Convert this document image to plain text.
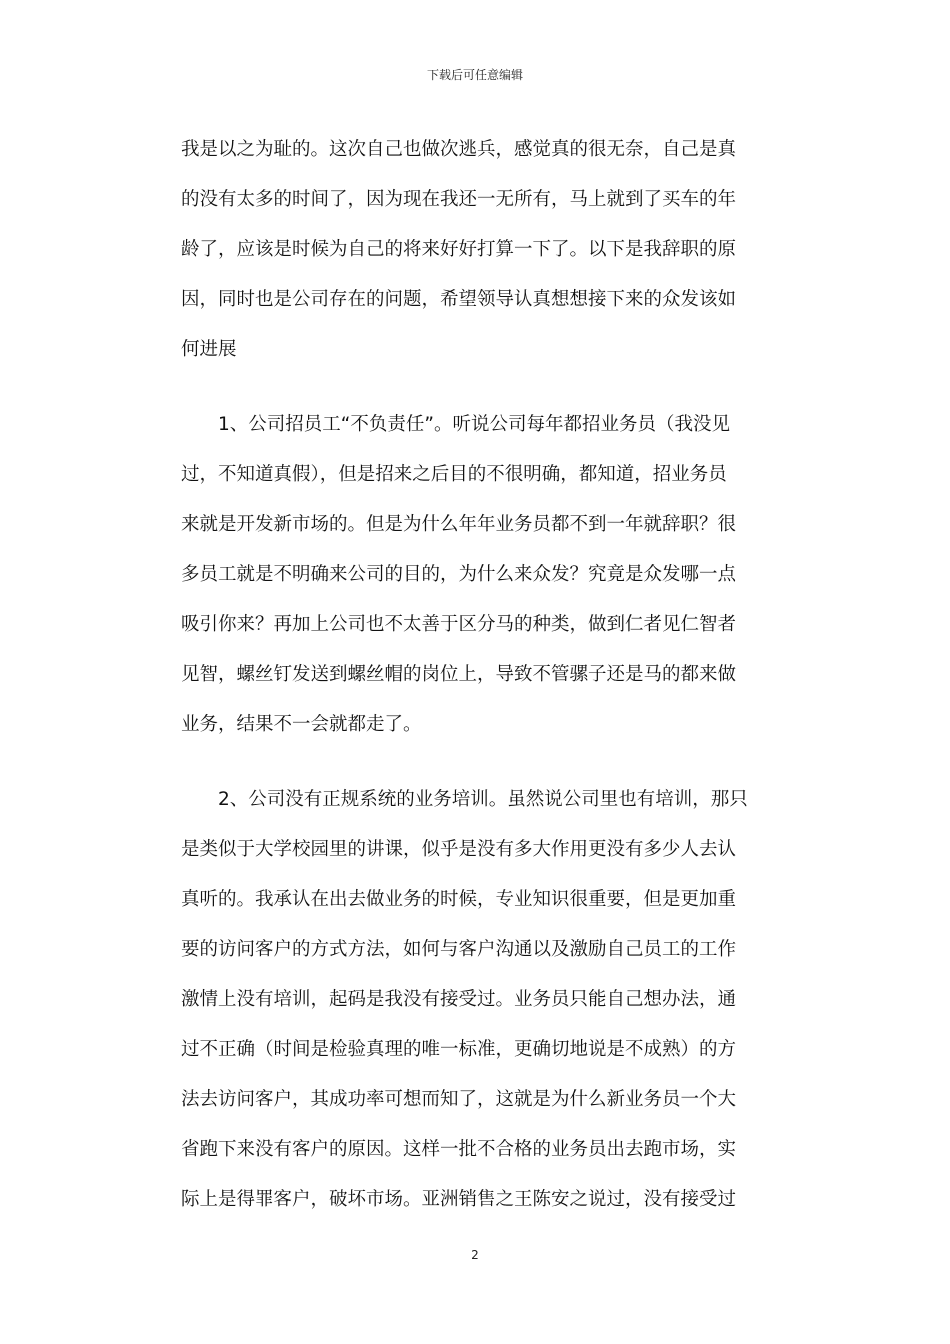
下载后可任意编辑
我是以之为耻的。这次自己也做次逃兵，感觉真的很无奈，自己是真
的没有太多的时间了，因为现在我还一无所有，马上就到了买车的年
龄了，应该是时候为自己的将来好好打算一下了。以下是我辞职的原
因，同时也是公司存在的问题，希望领导认真想想接下来的众发该如
何进展
　　1、公司招员工“不负责任”。听说公司每年都招业务员（我没见
过，不知道真假），但是招来之后目的不很明确，都知道，招业务员
来就是开发新市场的。但是为什么年年业务员都不到一年就辞职？很
多员工就是不明确来公司的目的，为什么来众发？究竟是众发哪一点
吸引你来？再加上公司也不太善于区分马的种类，做到仁者见仁智者
见智，螺丝钉发送到螺丝帽的岗位上，导致不管骡子还是马的都来做
业务，结果不一会就都走了。
　　2、公司没有正规系统的业务培训。虽然说公司里也有培训，那只
是类似于大学校园里的讲课，似乎是没有多大作用更没有多少人去认
真听的。我承认在出去做业务的时候，专业知识很重要，但是更加重
要的访问客户的方式方法，如何与客户沟通以及激励自己员工的工作
激情上没有培训，起码是我没有接受过。业务员只能自己想办法，通
过不正确（时间是检验真理的唯一标准，更确切地说是不成熟）的方
法去访问客户，其成功率可想而知了，这就是为什么新业务员一个大
省跑下来没有客户的原因。这样一批不合格的业务员出去跑市场，实
际上是得罪客户，破坏市场。亚洲销售之王陈安之说过，没有接受过
2
